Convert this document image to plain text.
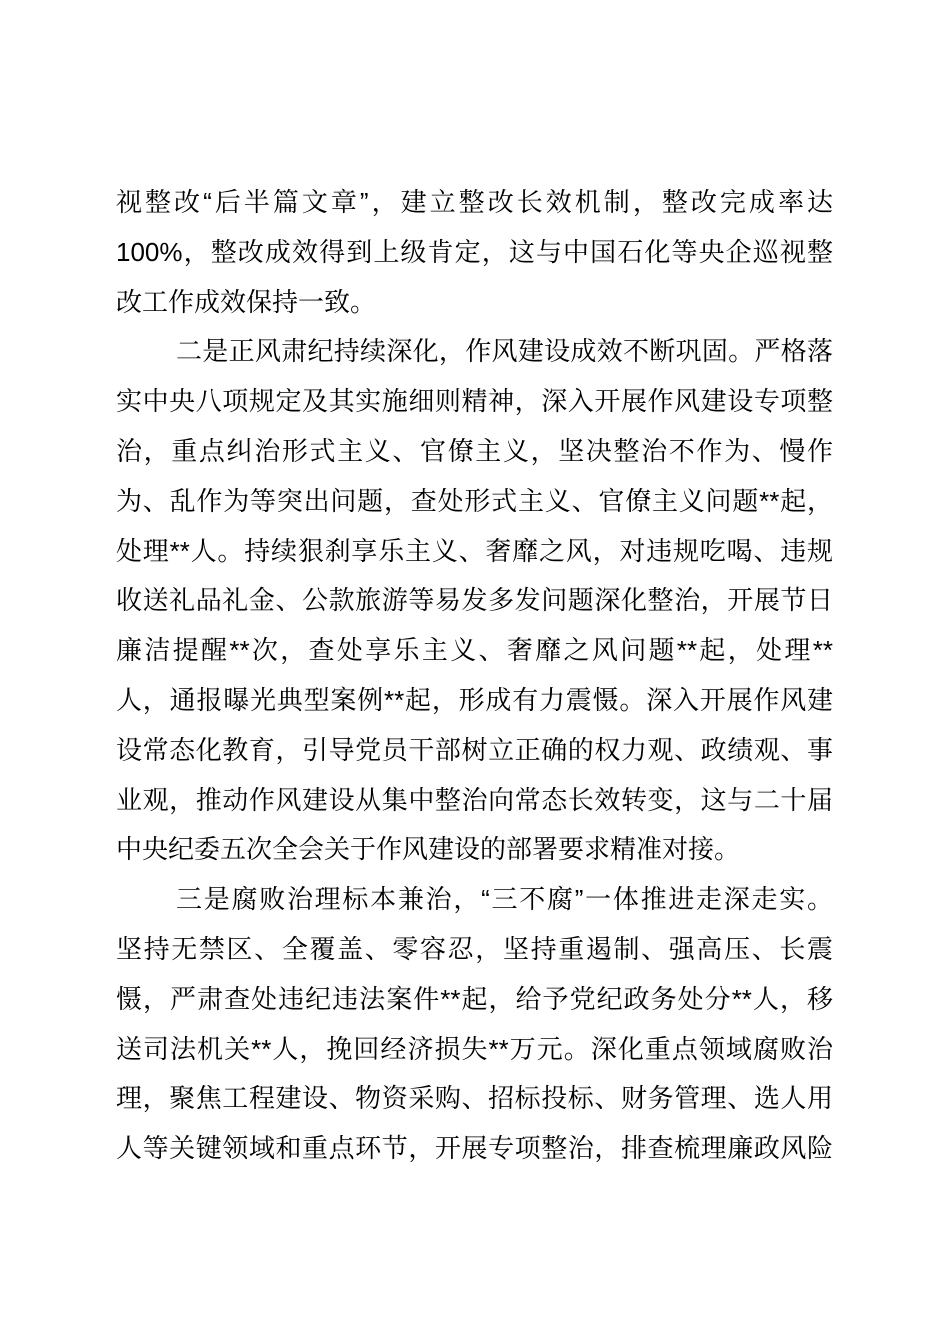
视整改“后半篇文章”，建立整改长效机制，整改完成率达
100%，整改成效得到上级肯定，这与中国石化等央企巡视整
改工作成效保持一致。
二是正风肃纪持续深化，作风建设成效不断巩固。严格落
实中央八项规定及其实施细则精神，深入开展作风建设专项整
治，重点纠治形式主义、官僚主义，坚决整治不作为、慢作
为、乱作为等突出问题，查处形式主义、官僚主义问题**起，
处理**人。持续狠刹享乐主义、奢靡之风，对违规吃喝、违规
收送礼品礼金、公款旅游等易发多发问题深化整治，开展节日
廉洁提醒**次，查处享乐主义、奢靡之风问题**起，处理**
人，通报曝光典型案例**起，形成有力震慑。深入开展作风建
设常态化教育，引导党员干部树立正确的权力观、政绩观、事
业观，推动作风建设从集中整治向常态长效转变，这与二十届
中央纪委五次全会关于作风建设的部署要求精准对接。
三是腐败治理标本兼治，“三不腐”一体推进走深走实。
坚持无禁区、全覆盖、零容忍，坚持重遏制、强高压、长震
慑，严肃查处违纪违法案件**起，给予党纪政务处分**人，移
送司法机关**人，挽回经济损失**万元。深化重点领域腐败治
理，聚焦工程建设、物资采购、招标投标、财务管理、选人用
人等关键领域和重点环节，开展专项整治，排查梳理廉政风险
